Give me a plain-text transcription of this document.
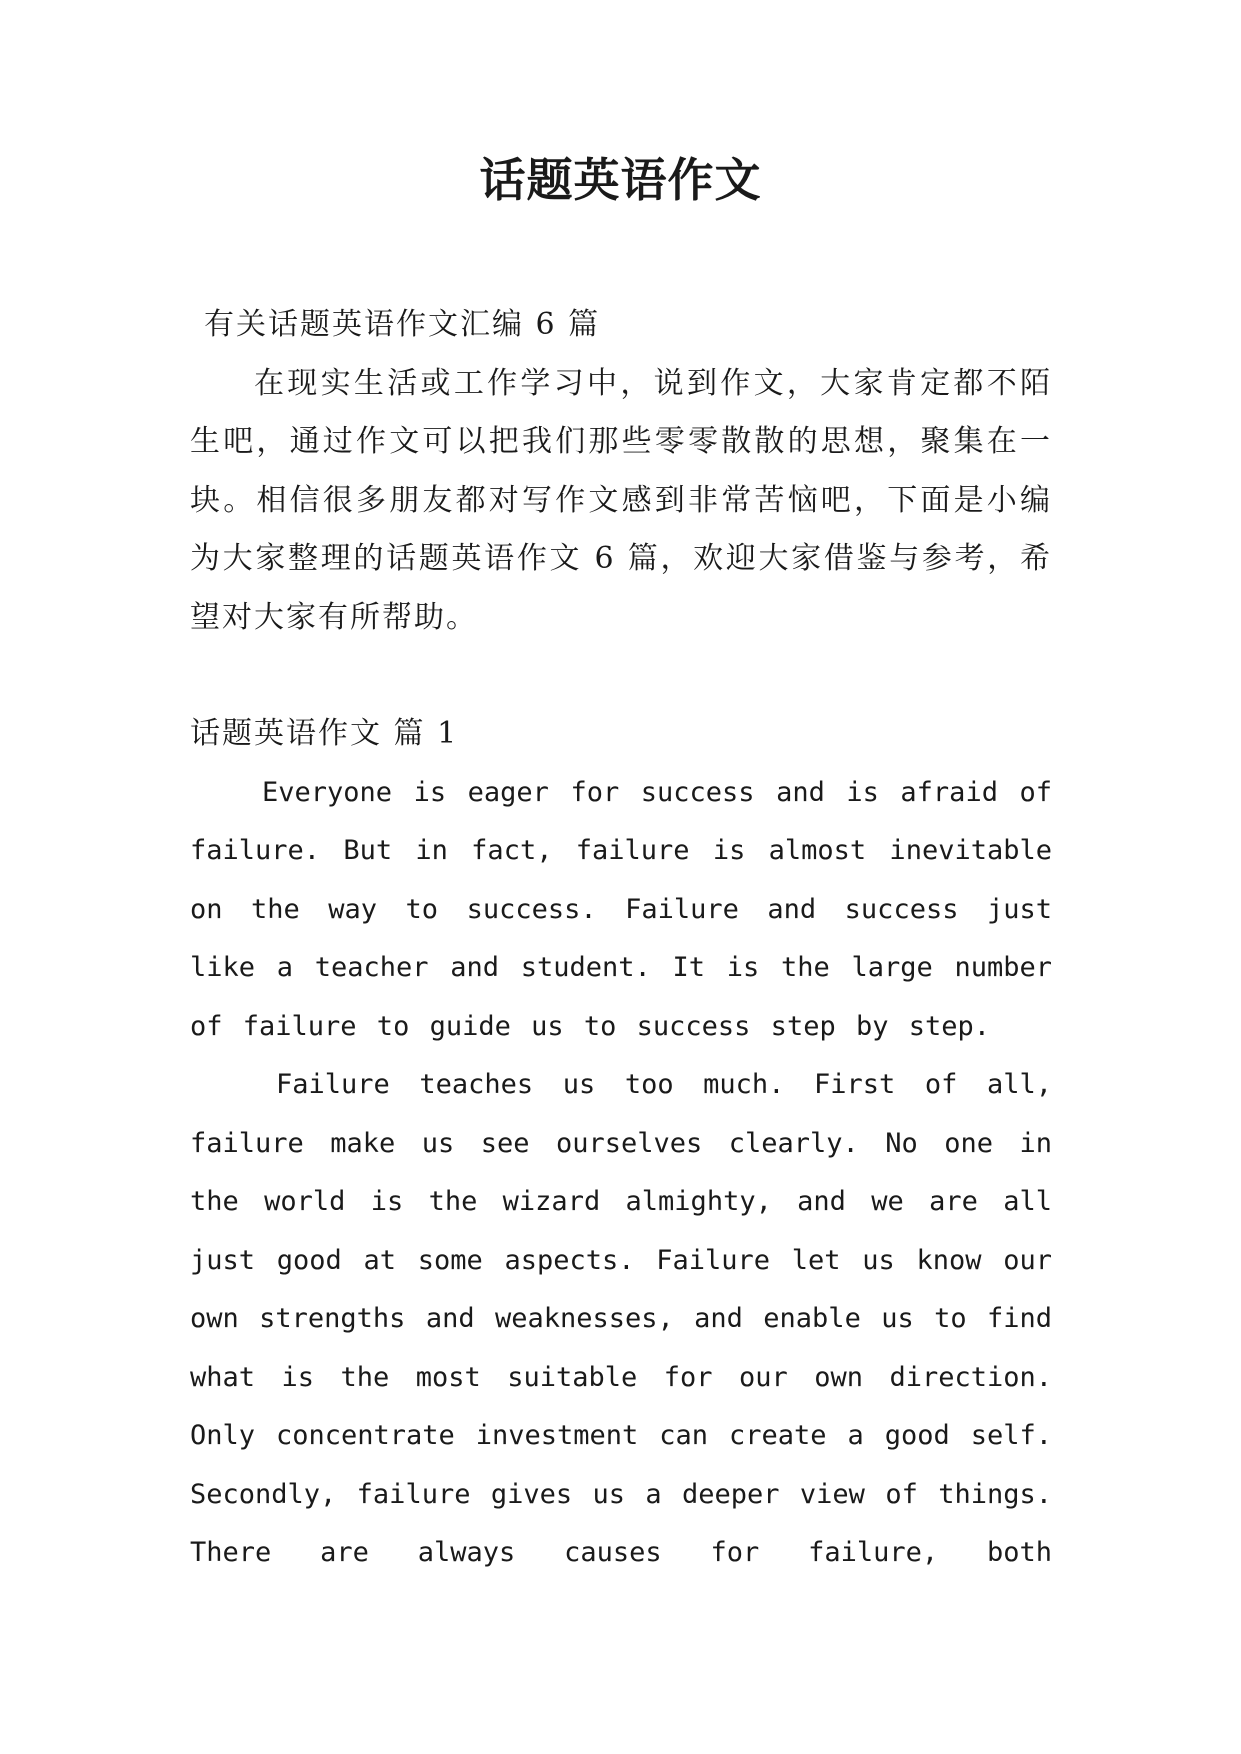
话题英语作文

有关话题英语作文汇编 6 篇

在现实生活或工作学习中，说到作文，大家肯定都不陌生吧，通过作文可以把我们那些零零散散的思想，聚集在一块。相信很多朋友都对写作文感到非常苦恼吧，下面是小编为大家整理的话题英语作文 6 篇，欢迎大家借鉴与参考，希望对大家有所帮助。

话题英语作文 篇 1

Everyone is eager for success and is afraid of failure. But in fact, failure is almost inevitable on the way to success. Failure and success just like a teacher and student. It is the large number of failure to guide us to success step by step.

Failure teaches us too much. First of all, failure make us see ourselves clearly. No one in the world is the wizard almighty, and we are all just good at some aspects. Failure let us know our own strengths and weaknesses, and enable us to find what is the most suitable for our own direction. Only concentrate investment can create a good self. Secondly, failure gives us a deeper view of things. There are always causes for failure, both
